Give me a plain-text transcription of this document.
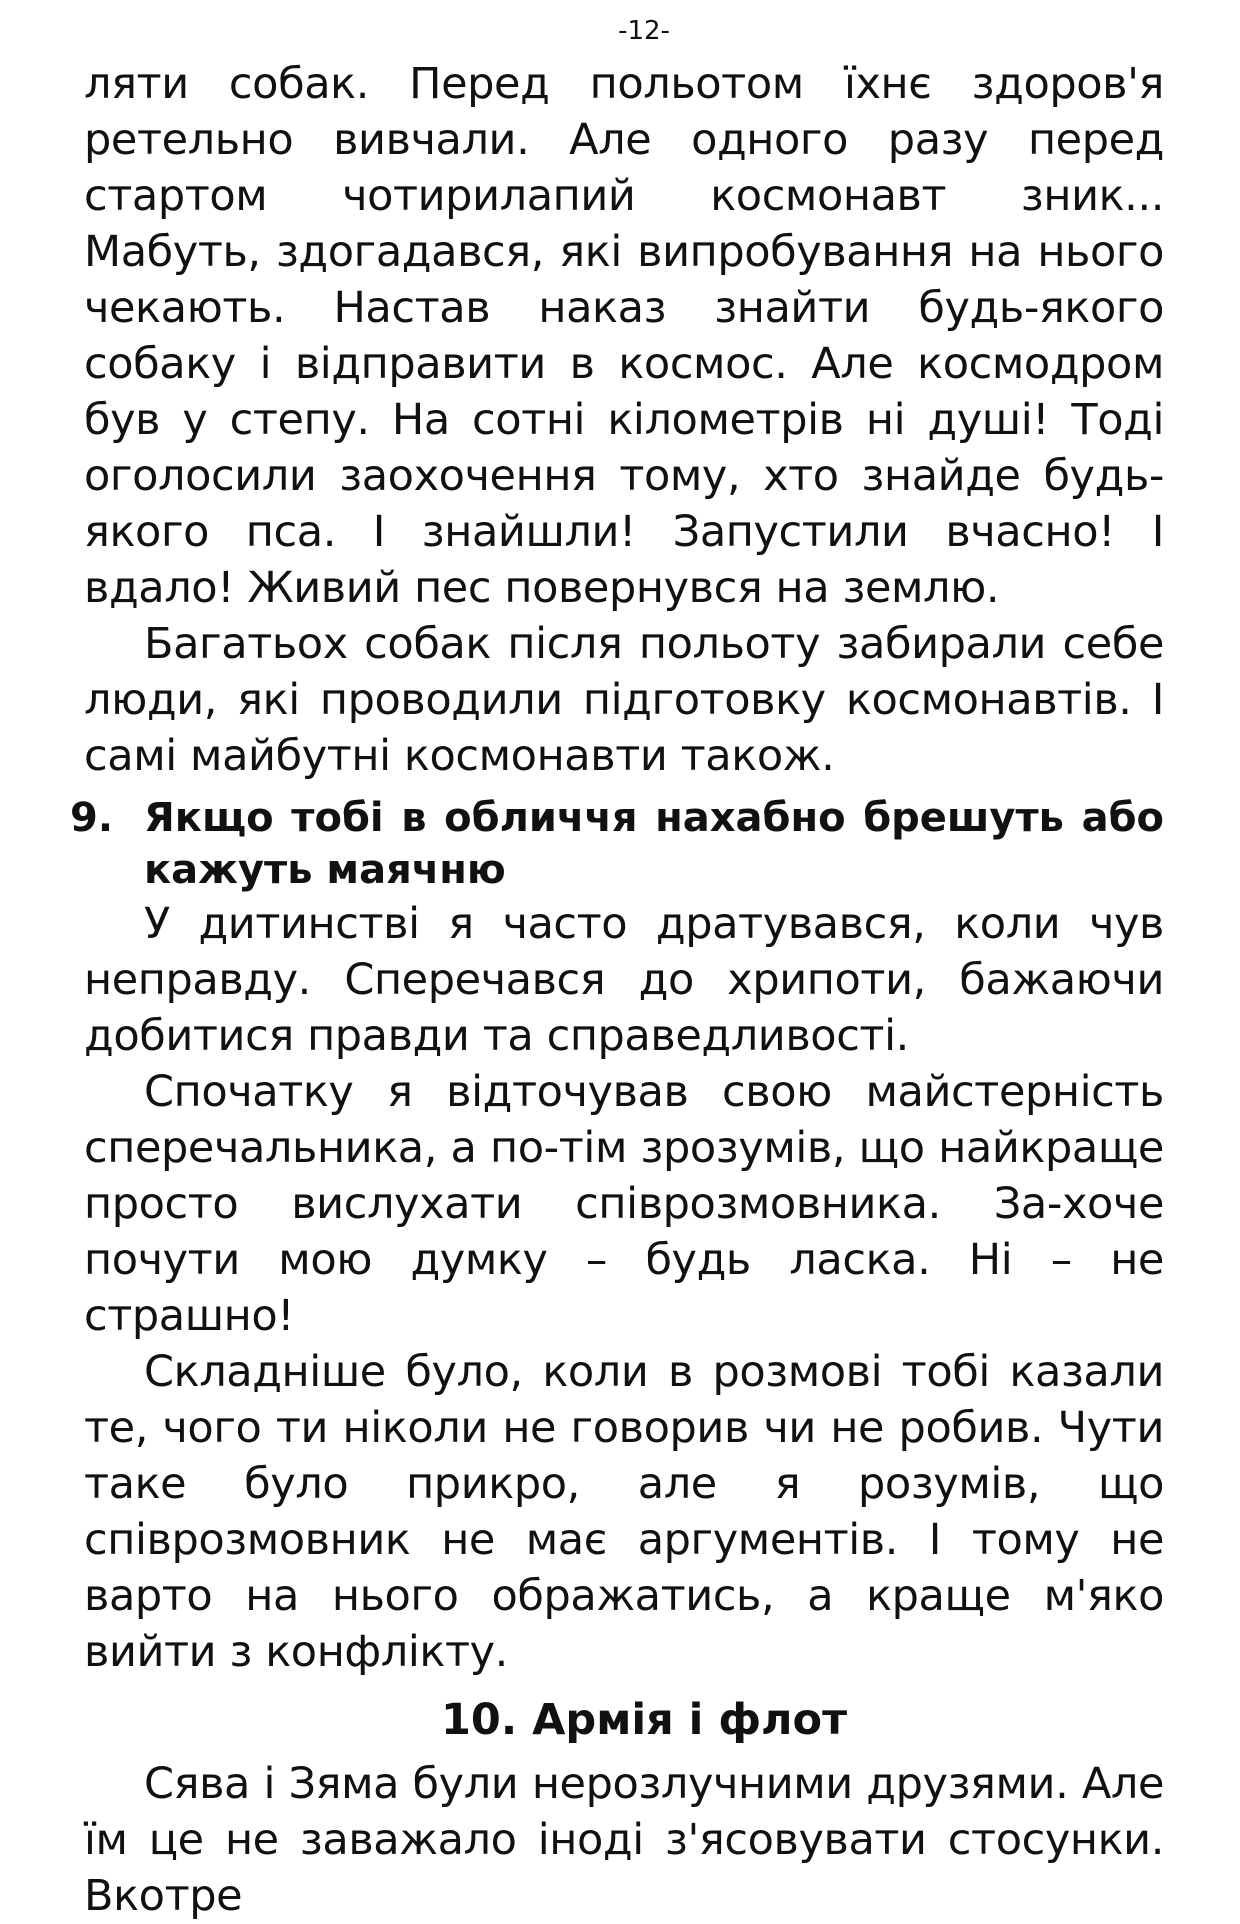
-12-

ляти собак. Перед польотом їхнє здоров'я ретельно вивчали. Але одного разу перед стартом чотирилапий космонавт зник... Мабуть, здогадався, які випробування на нього чекають. Настав наказ знайти будь-якого собаку і відправити в космос. Але космодром був у степу. На сотні кілометрів ні душі! Тоді оголосили заохочення тому, хто знайде будь-якого пса. І знайшли! Запустили вчасно! І вдало! Живий пес повернувся на землю.

Багатьох собак після польоту забирали себе люди, які проводили підготовку космонавтів. І самі майбутні космонавти також.

9. Якщо тобі в обличчя нахабно брешуть або кажуть маячню

У дитинстві я часто дратувався, коли чув неправду. Сперечався до хрипоти, бажаючи добитися правди та справедливості.

Спочатку я відточував свою майстерність сперечальника, а по-тім зрозумів, що найкраще просто вислухати співрозмовника. За-хоче почути мою думку – будь ласка. Ні – не страшно!

Складніше було, коли в розмові тобі казали те, чого ти ніколи не говорив чи не робив. Чути таке було прикро, але я розумів, що співрозмовник не має аргументів. І тому не варто на нього ображатись, а краще м'яко вийти з конфлікту.

10. Армія і флот

Сява і Зяма були нерозлучними друзями. Але їм це не заважало іноді з'ясовувати стосунки. Вкотре
